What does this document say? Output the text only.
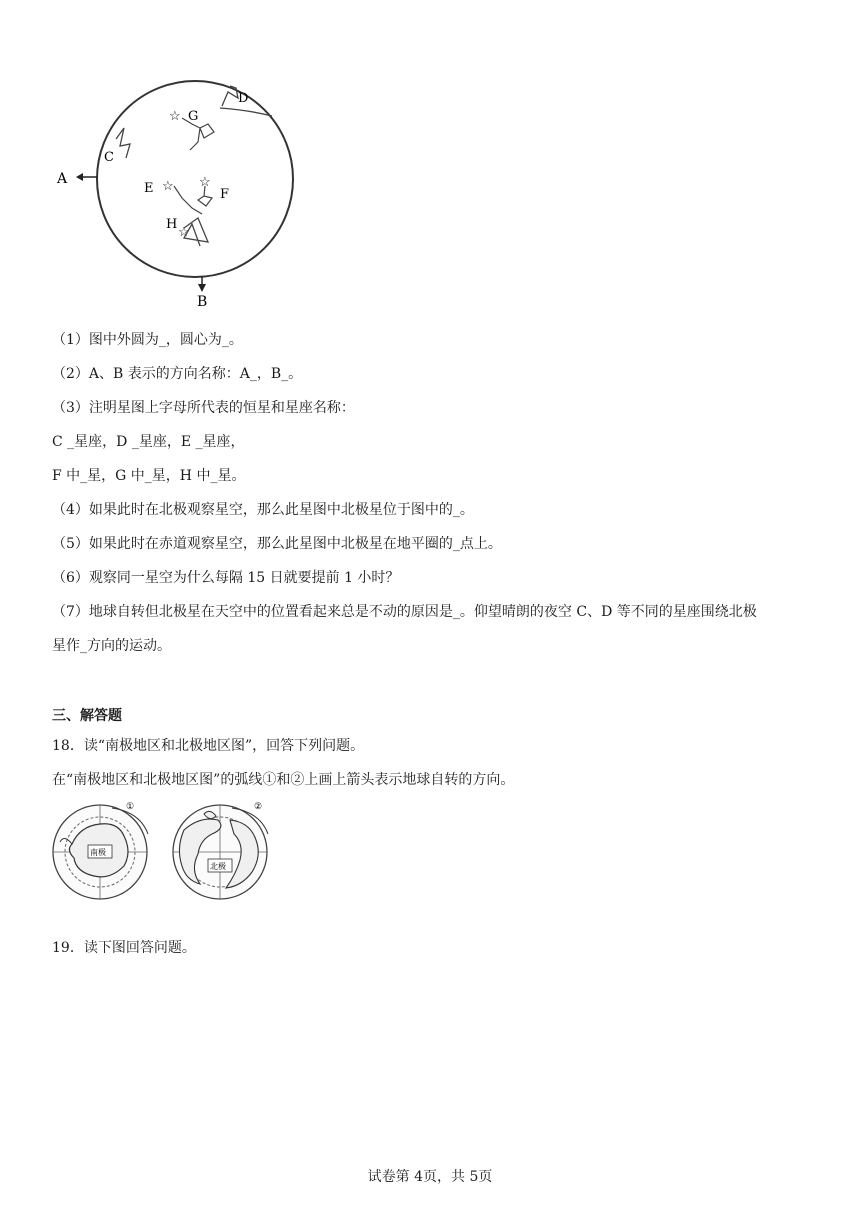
A
B
C
D
☆ G
E ☆ ☆
F
H
☆
（1）图中外圆为_，圆心为_。
（2）A、B 表示的方向名称：A_，B_。
（3）注明星图上字母所代表的恒星和星座名称：
C _星座，D _星座，E _星座，
F 中_星，G 中_星，H 中_星。
（4）如果此时在北极观察星空，那么此星图中北极星位于图中的_。
（5）如果此时在赤道观察星空，那么此星图中北极星在地平圈的_点上。
（6）观察同一星空为什么每隔 15 日就要提前 1 小时？
（7）地球自转但北极星在天空中的位置看起来总是不动的原因是_。仰望晴朗的夜空 C、D 等不同的星座围绕北极
星作_方向的运动。
三、解答题
18．读“南极地区和北极地区图”，回答下列问题。
在“南极地区和北极地区图”的弧线①和②上画上箭头表示地球自转的方向。
南极
①
北极
②
19．读下图回答问题。
试卷第 4页，共 5页
